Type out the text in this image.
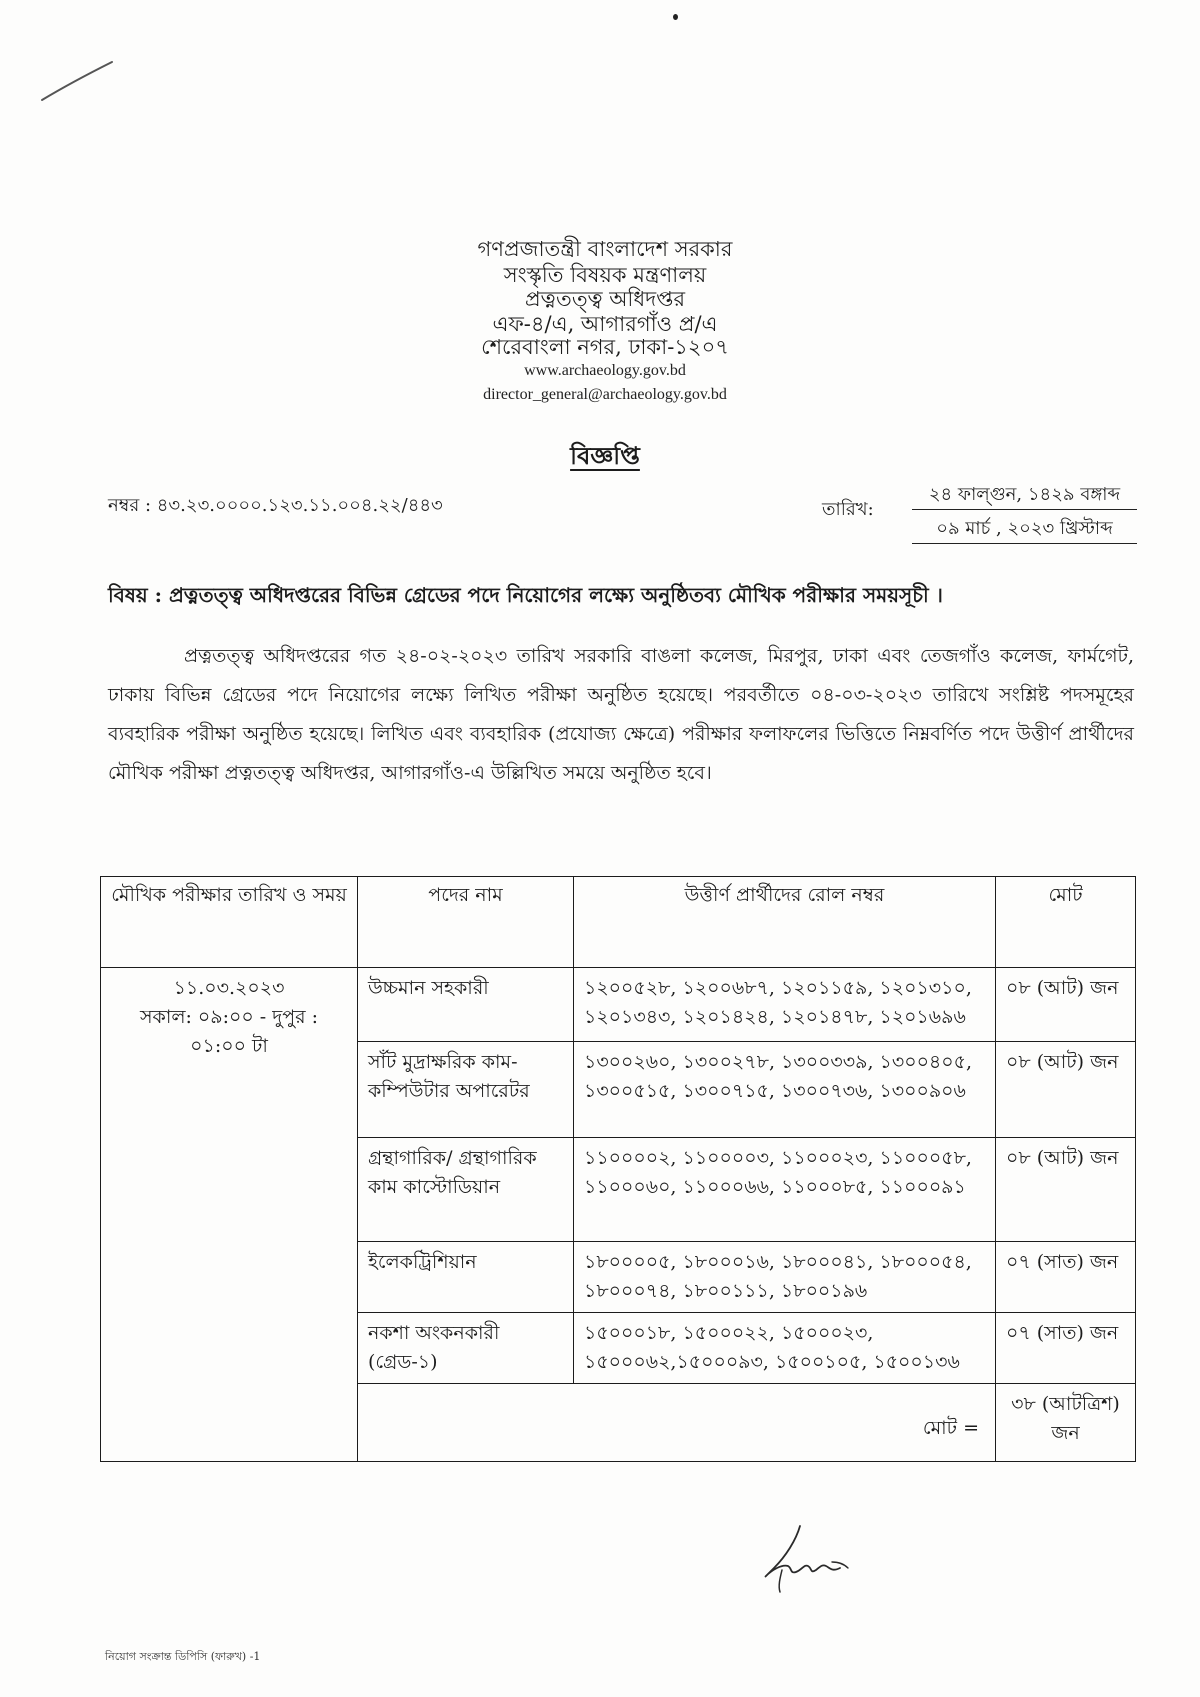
গণপ্রজাতন্ত্রী বাংলাদেশ সরকার
সংস্কৃতি বিষয়ক মন্ত্রণালয়
প্রত্নতত্ত্ব অধিদপ্তর
এফ-৪/এ, আগারগাঁও প্র/এ
শেরেবাংলা নগর, ঢাকা-১২০৭
www.archaeology.gov.bd
director_general@archaeology.gov.bd
বিজ্ঞপ্তি
নম্বর : ৪৩.২৩.০০০০.১২৩.১১.০০৪.২২/৪৪৩	তারিখ:
২৪ ফাল্গুন, ১৪২৯ বঙ্গাব্দ
০৯ মার্চ , ২০২৩ খ্রিস্টাব্দ
বিষয় : প্রত্নতত্ত্ব অধিদপ্তরের বিভিন্ন গ্রেডের পদে নিয়োগের লক্ষ্যে অনুষ্ঠিতব্য মৌখিক পরীক্ষার সময়সূচী ।
প্রত্নতত্ত্ব অধিদপ্তরের গত ২৪-০২-২০২৩ তারিখ সরকারি বাঙলা কলেজ, মিরপুর, ঢাকা এবং তেজগাঁও কলেজ, ফার্মগেট, ঢাকায় বিভিন্ন গ্রেডের পদে নিয়োগের লক্ষ্যে লিখিত পরীক্ষা অনুষ্ঠিত হয়েছে। পরবর্তীতে ০৪-০৩-২০২৩ তারিখে সংশ্লিষ্ট পদসমূহের ব্যবহারিক পরীক্ষা অনুষ্ঠিত হয়েছে। লিখিত এবং ব্যবহারিক (প্রযোজ্য ক্ষেত্রে) পরীক্ষার ফলাফলের ভিত্তিতে নিম্নবর্ণিত পদে উত্তীর্ণ প্রার্থীদের মৌখিক পরীক্ষা প্রত্নতত্ত্ব অধিদপ্তর, আগারগাঁও-এ উল্লিখিত সময়ে অনুষ্ঠিত হবে।
মৌখিক পরীক্ষার তারিখ ও সময়	পদের নাম	উত্তীর্ণ প্রার্থীদের রোল নম্বর	মোট

১১.০৩.২০২৩
সকাল: ০৯:০০ - দুপুর : ০১:০০ টা	উচ্চমান সহকারী	১২০০৫২৮, ১২০০৬৮৭, ১২০১১৫৯, ১২০১৩১০, ১২০১৩৪৩, ১২০১৪২৪, ১২০১৪৭৮, ১২০১৬৯৬	০৮ (আট) জন
	সাঁট মুদ্রাক্ষরিক কাম-কম্পিউটার অপারেটর	১৩০০২৬০, ১৩০০২৭৮, ১৩০০৩৩৯, ১৩০০৪০৫, ১৩০০৫১৫, ১৩০০৭১৫, ১৩০০৭৩৬, ১৩০০৯০৬	০৮ (আট) জন
	গ্রন্থাগারিক/ গ্রন্থাগারিক কাম কাস্টোডিয়ান	১১০০০০২, ১১০০০০৩, ১১০০০২৩, ১১০০০৫৮, ১১০০০৬০, ১১০০০৬৬, ১১০০০৮৫, ১১০০০৯১	০৮ (আট) জন
	ইলেকট্রিশিয়ান	১৮০০০০৫, ১৮০০০১৬, ১৮০০০৪১, ১৮০০০৫৪, ১৮০০০৭৪, ১৮০০১১১, ১৮০০১৯৬	০৭ (সাত) জন
	নকশা অংকনকারী (গ্রেড-১)	১৫০০০১৮, ১৫০০০২২, ১৫০০০২৩, ১৫০০০৬২,১৫০০০৯৩, ১৫০০১০৫, ১৫০০১৩৬	০৭ (সাত) জন
	মোট =		৩৮ (আটত্রিশ) জন
নিয়োগ সংক্রান্ত ডিপিসি (ফারুখ) -1
